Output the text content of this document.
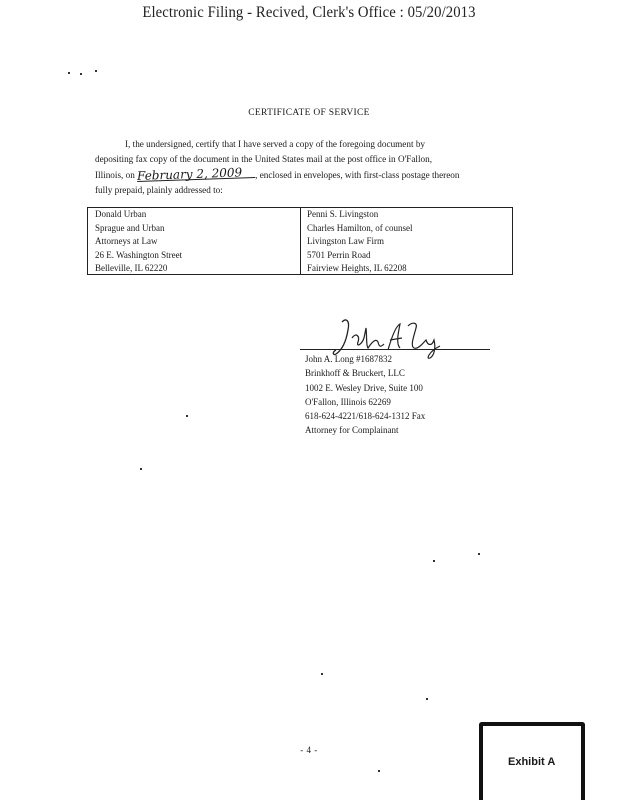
Electronic Filing - Recived, Clerk's Office : 05/20/2013
CERTIFICATE OF SERVICE
I, the undersigned, certify that I have served a copy of the foregoing document by
depositing fax copy of the document in the United States mail at the post office in O'Fallon,
Illinois, on February 2, 2009 , enclosed in envelopes, with first-class postage thereon
fully prepaid, plainly addressed to:
Donald Urban
Sprague and Urban
Attorneys at Law
26 E. Washington Street
Belleville, IL 62220
Penni S. Livingston
Charles Hamilton, of counsel
Livingston Law Firm
5701 Perrin Road
Fairview Heights, IL 62208
John A. Long #1687832
Brinkhoff & Bruckert, LLC
1002 E. Wesley Drive, Suite 100
O'Fallon, Illinois 62269
618-624-4221/618-624-1312 Fax
Attorney for Complainant
- 4 -
Exhibit A
